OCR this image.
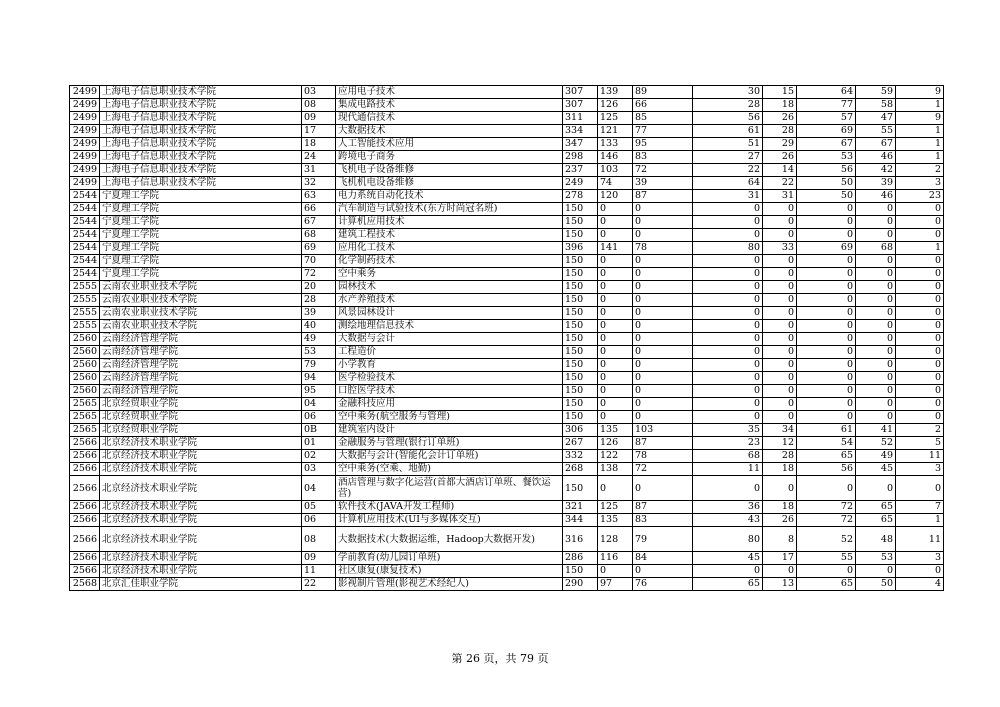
2499	上海电子信息职业技术学院	03	应用电子技术	307	139	89	30	15	64	59	9
2499	上海电子信息职业技术学院	08	集成电路技术	307	126	66	28	18	77	58	1
2499	上海电子信息职业技术学院	09	现代通信技术	311	125	85	56	26	57	47	9
2499	上海电子信息职业技术学院	17	大数据技术	334	121	77	61	28	69	55	1
2499	上海电子信息职业技术学院	18	人工智能技术应用	347	133	95	51	29	67	67	1
2499	上海电子信息职业技术学院	24	跨境电子商务	298	146	83	27	26	53	46	1
2499	上海电子信息职业技术学院	31	飞机电子设备维修	237	103	72	22	14	56	42	2
2499	上海电子信息职业技术学院	32	飞机机电设备维修	249	74	39	64	22	50	39	3
2544	宁夏理工学院	63	电力系统自动化技术	278	120	87	31	31	50	46	23
2544	宁夏理工学院	66	汽车制造与试验技术(东方时尚冠名班)	150	0	0	0	0	0	0	0
2544	宁夏理工学院	67	计算机应用技术	150	0	0	0	0	0	0	0
2544	宁夏理工学院	68	建筑工程技术	150	0	0	0	0	0	0	0
2544	宁夏理工学院	69	应用化工技术	396	141	78	80	33	69	68	1
2544	宁夏理工学院	70	化学制药技术	150	0	0	0	0	0	0	0
2544	宁夏理工学院	72	空中乘务	150	0	0	0	0	0	0	0
2555	云南农业职业技术学院	20	园林技术	150	0	0	0	0	0	0	0
2555	云南农业职业技术学院	28	水产养殖技术	150	0	0	0	0	0	0	0
2555	云南农业职业技术学院	39	风景园林设计	150	0	0	0	0	0	0	0
2555	云南农业职业技术学院	40	测绘地理信息技术	150	0	0	0	0	0	0	0
2560	云南经济管理学院	49	大数据与会计	150	0	0	0	0	0	0	0
2560	云南经济管理学院	53	工程造价	150	0	0	0	0	0	0	0
2560	云南经济管理学院	79	小学教育	150	0	0	0	0	0	0	0
2560	云南经济管理学院	94	医学检验技术	150	0	0	0	0	0	0	0
2560	云南经济管理学院	95	口腔医学技术	150	0	0	0	0	0	0	0
2565	北京经贸职业学院	04	金融科技应用	150	0	0	0	0	0	0	0
2565	北京经贸职业学院	06	空中乘务(航空服务与管理)	150	0	0	0	0	0	0	0
2565	北京经贸职业学院	0B	建筑室内设计	306	135	103	35	34	61	41	2
2566	北京经济技术职业学院	01	金融服务与管理(银行订单班)	267	126	87	23	12	54	52	5
2566	北京经济技术职业学院	02	大数据与会计(智能化会计订单班)	332	122	78	68	28	65	49	11
2566	北京经济技术职业学院	03	空中乘务(空乘、地勤)	268	138	72	11	18	56	45	3
2566	北京经济技术职业学院	04	酒店管理与数字化运营(首都大酒店订单班、餐饮运营)	150	0	0	0	0	0	0	0
2566	北京经济技术职业学院	05	软件技术(JAVA开发工程师)	321	125	87	36	18	72	65	7
2566	北京经济技术职业学院	06	计算机应用技术(UI与多媒体交互)	344	135	83	43	26	72	65	1
2566	北京经济技术职业学院	08	大数据技术(大数据运维，Hadoop大数据开发)	316	128	79	80	8	52	48	11
2566	北京经济技术职业学院	09	学前教育(幼儿园订单班)	286	116	84	45	17	55	53	3
2566	北京经济技术职业学院	11	社区康复(康复技术)	150	0	0	0	0	0	0	0
2568	北京汇佳职业学院	22	影视制片管理(影视艺术经纪人)	290	97	76	65	13	65	50	4
第 26 页，共 79 页
